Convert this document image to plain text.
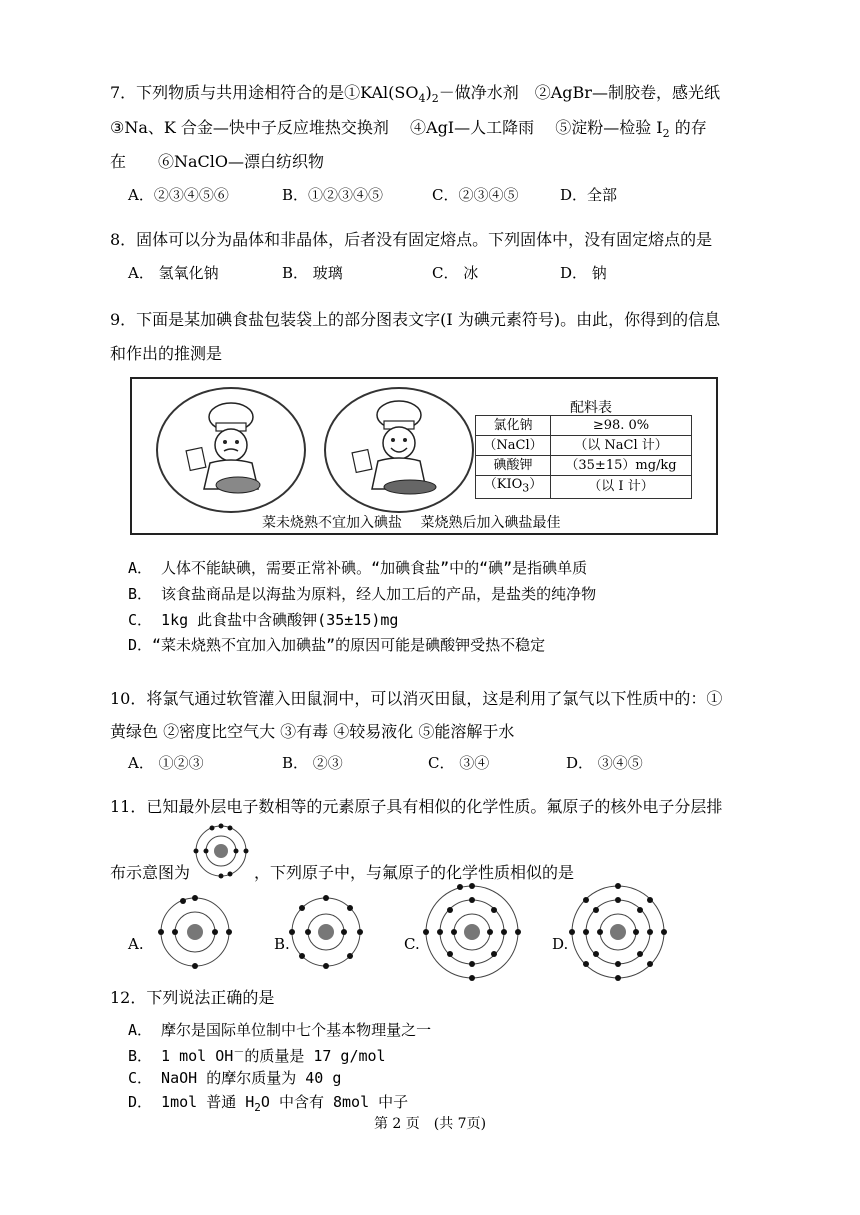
7．下列物质与共用途相符合的是$①KAl(SO_4)_2-$做净水剂　②AgBr—制胶卷，感光纸
③Na、K 合金—快中子反应堆热交换剂　 ④AgI—人工降雨　 ⑤淀粉—检验 $I_2$ 的存
在　　⑥NaClO—漂白纺织物
A．②③④⑤⑥	B．①②③④⑤	C．②③④⑤	D．全部
8．固体可以分为晶体和非晶体，后者没有固定熔点。下列固体中，没有固定熔点的是
A． 氢氧化钠	B． 玻璃	C． 冰	D． 钠
9．下面是某加碘食盐包装袋上的部分图表文字(I 为碘元素符号)。由此，你得到的信息
和作出的推测是
配料表
氯化钠	≥98. 0%
（NaCl）	（以 NaCl 计）
碘酸钾	（35±15）mg/kg
$(KIO_3)$	（以 I 计）
菜未烧熟不宜加入碘盐　 菜烧熟后加入碘盐最佳
A． 人体不能缺碘，需要正常补碘。“加碘食盐”中的“碘”是指碘单质
B． 该食盐商品是以海盐为原料，经人加工后的产品，是盐类的纯净物
C． 1kg 此食盐中含碘酸钾(35±15)mg
D．“菜未烧熟不宜加入加碘盐”的原因可能是碘酸钾受热不稳定
10．将氯气通过软管灌入田鼠洞中，可以消灭田鼠，这是利用了氯气以下性质中的：①
黄绿色 ②密度比空气大 ③有毒 ④较易液化 ⑤能溶解于水
A． ①②③	B． ②③	C． ③④	D． ③④⑤
11．已知最外层电子数相等的元素原子具有相似的化学性质。氟原子的核外电子分层排
布示意图为	，下列原子中，与氟原子的化学性质相似的是
A.	B.	C.	D.
12．下列说法正确的是
A． 摩尔是国际单位制中七个基本物理量之一
B． 1 mol OH－的质量是 17 g/mol
C． NaOH 的摩尔质量为 40 g
D． 1mol 普通 $H_2O$ 中含有 8mol 中子
第 2 页　(共 7页)
